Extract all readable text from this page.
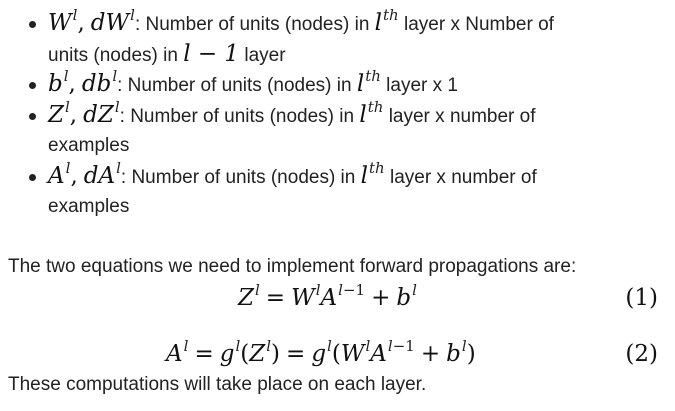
Wl, dWl: Number of units (nodes) in lth layer x Number of
units (nodes) in l − 1 layer
bl, dbl: Number of units (nodes) in lth layer x 1
Zl, dZl: Number of units (nodes) in lth layer x number of
examples
Al, dAl: Number of units (nodes) in lth layer x number of
examples
The two equations we need to implement forward propagations are:
Zl = WlAl−1 + bl	(1)
Al = gl(Zl) = gl(WlAl−1 + bl)	(2)
These computations will take place on each layer.
